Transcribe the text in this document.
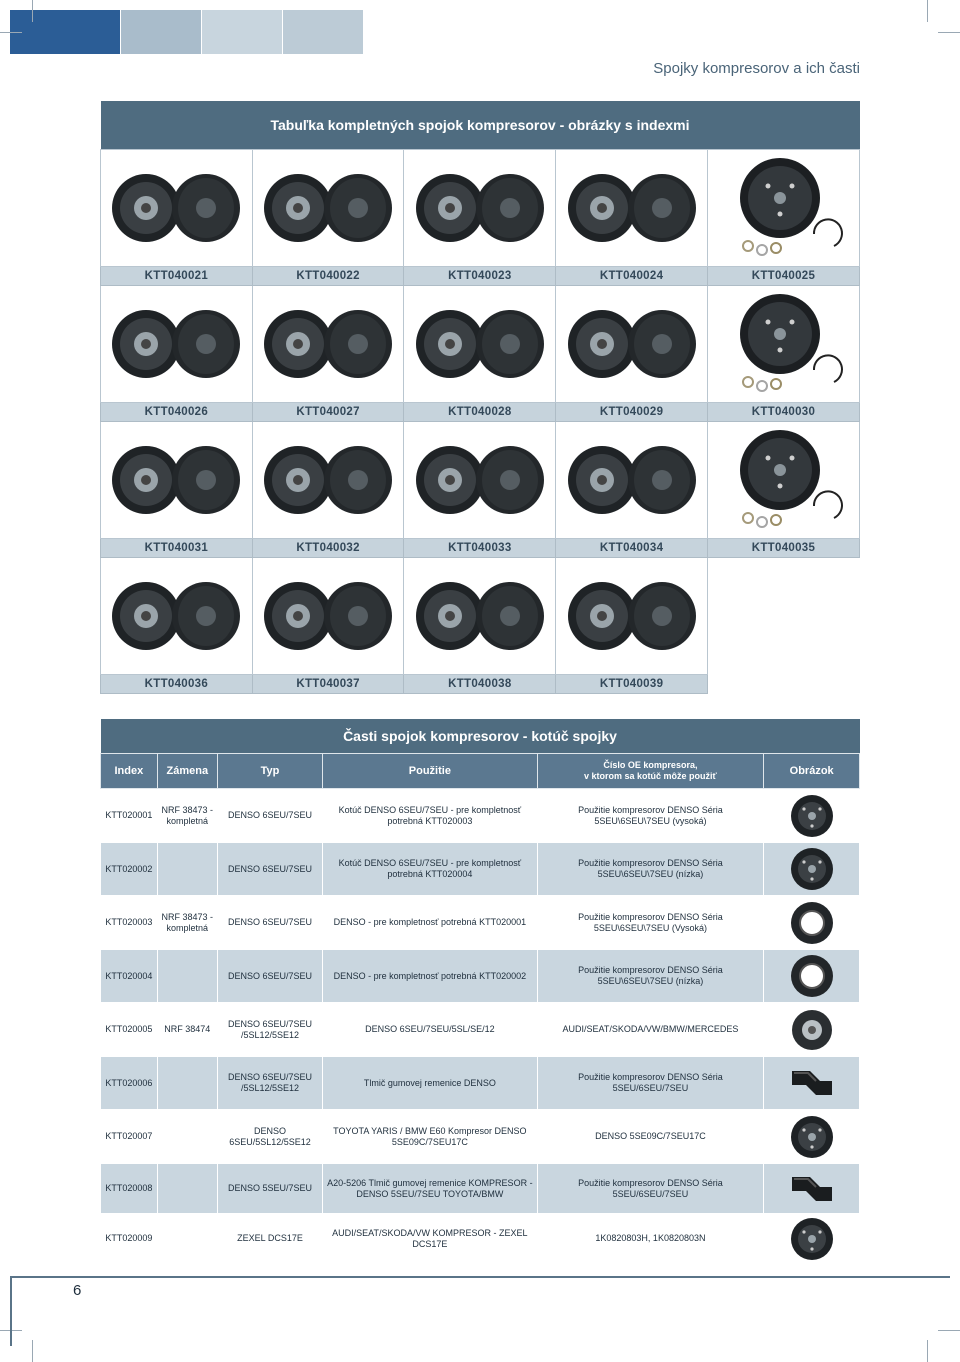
Spojky kompresorov a ich časti
Tabuľka kompletných spojok kompresorov - obrázky s indexmi				

KTT040021	KTT040022	KTT040023	KTT040024	KTT040025

KTT040026	KTT040027	KTT040028	KTT040029	KTT040030

KTT040031	KTT040032	KTT040033	KTT040034	KTT040035

KTT040036	KTT040037	KTT040038	KTT040039	
Časti spojok kompresorov - kotúč spojky					
Index	Zámena	Typ	Použitie	Číslo OE kompresora,
v ktorom sa kotúč môže použiť	Obrázok
KTT020001	NRF 38473 - kompletná	DENSO 6SEU/7SEU	Kotúč DENSO 6SEU/7SEU - pre kompletnosť potrebná KTT020003	Použitie kompresorov DENSO Séria 5SEU\6SEU\7SEU (vysoká)	

KTT020002		DENSO 6SEU/7SEU	Kotúč DENSO 6SEU/7SEU - pre kompletnosť potrebná KTT020004	Použitie kompresorov DENSO Séria 5SEU\6SEU\7SEU (nízka)	

KTT020003	NRF 38473 - kompletná	DENSO 6SEU/7SEU	DENSO - pre kompletnosť potrebná KTT020001	Použitie kompresorov DENSO Séria 5SEU\6SEU\7SEU (Vysoká)	

KTT020004		DENSO 6SEU/7SEU	DENSO - pre kompletnosť potrebná KTT020002	Použitie kompresorov DENSO Séria 5SEU\6SEU\7SEU (nízka)	

KTT020005	NRF 38474	DENSO 6SEU/7SEU /5SL12/5SE12	DENSO 6SEU/7SEU/5SL/SE/12	AUDI/SEAT/SKODA/VW/BMW/MERCEDES	

KTT020006		DENSO 6SEU/7SEU /5SL12/5SE12	Tlmič gumovej remenice DENSO	Použitie kompresorov DENSO Séria 5SEU/6SEU/7SEU	

KTT020007		DENSO 6SEU/5SL12/5SE12	TOYOTA YARIS / BMW E60 Kompresor DENSO 5SE09C/7SEU17C	DENSO 5SE09C/7SEU17C	

KTT020008		DENSO 5SEU/7SEU	A20-5206 Tlmič gumovej remenice KOMPRESOR - DENSO 5SEU/7SEU TOYOTA/BMW	Použitie kompresorov DENSO Séria 5SEU/6SEU/7SEU	

KTT020009		ZEXEL DCS17E	AUDI/SEAT/SKODA/VW KOMPRESOR - ZEXEL DCS17E	1K0820803H, 1K0820803N	
6
